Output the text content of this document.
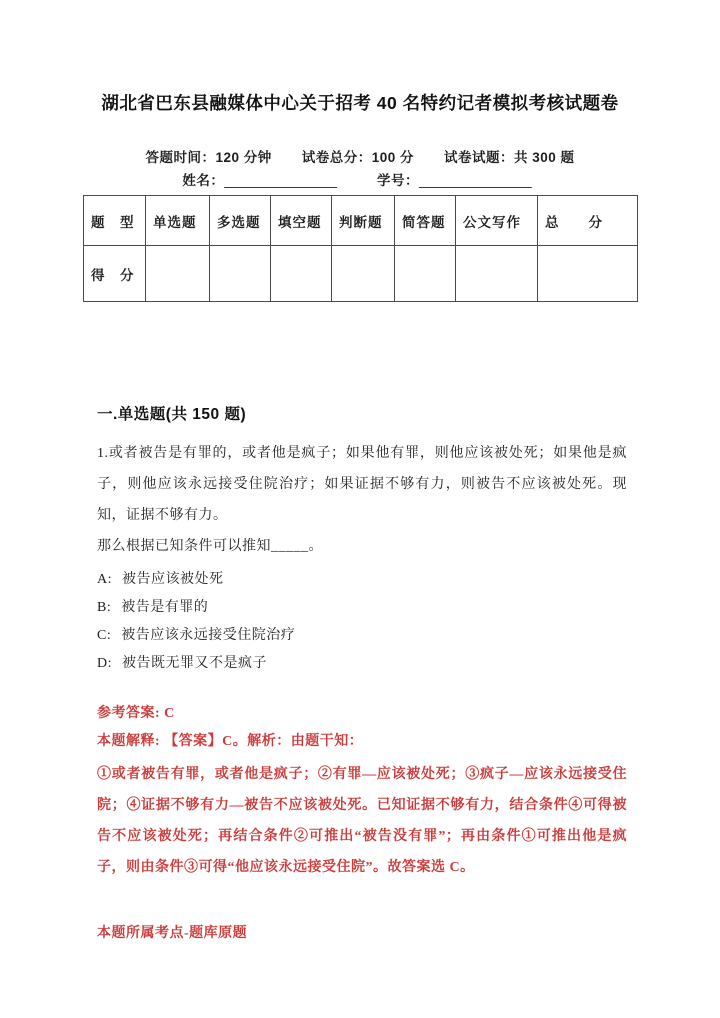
湖北省巴东县融媒体中心关于招考 40 名特约记者模拟考核试题卷
答题时间：120 分钟 试卷总分：100 分 试卷试题：共 300 题
姓名： _______________	学号： _______________
题　型	单选题	多选题	填空题	判断题	简答题	公文写作	总　　分
得　分							
一.单选题(共 150 题)

1.或者被告是有罪的，或者他是疯子；如果他有罪，则他应该被处死；如果他是疯子，则他应该永远接受住院治疗；如果证据不够有力，则被告不应该被处死。现知，证据不够有力。

那么根据已知条件可以推知_____。

A: 被告应该被处死
B: 被告是有罪的
C: 被告应该永远接受住院治疗
D: 被告既无罪又不是疯子

参考答案: C

本题解释: 【答案】C。解析：由题干知：

①或者被告有罪，或者他是疯子；②有罪—应该被处死；③疯子—应该永远接受住院；④证据不够有力—被告不应该被处死。已知证据不够有力，结合条件④可得被告不应该被处死；再结合条件②可推出“被告没有罪”；再由条件①可推出他是疯子，则由条件③可得“他应该永远接受住院”。故答案选 C。

本题所属考点-题库原题
